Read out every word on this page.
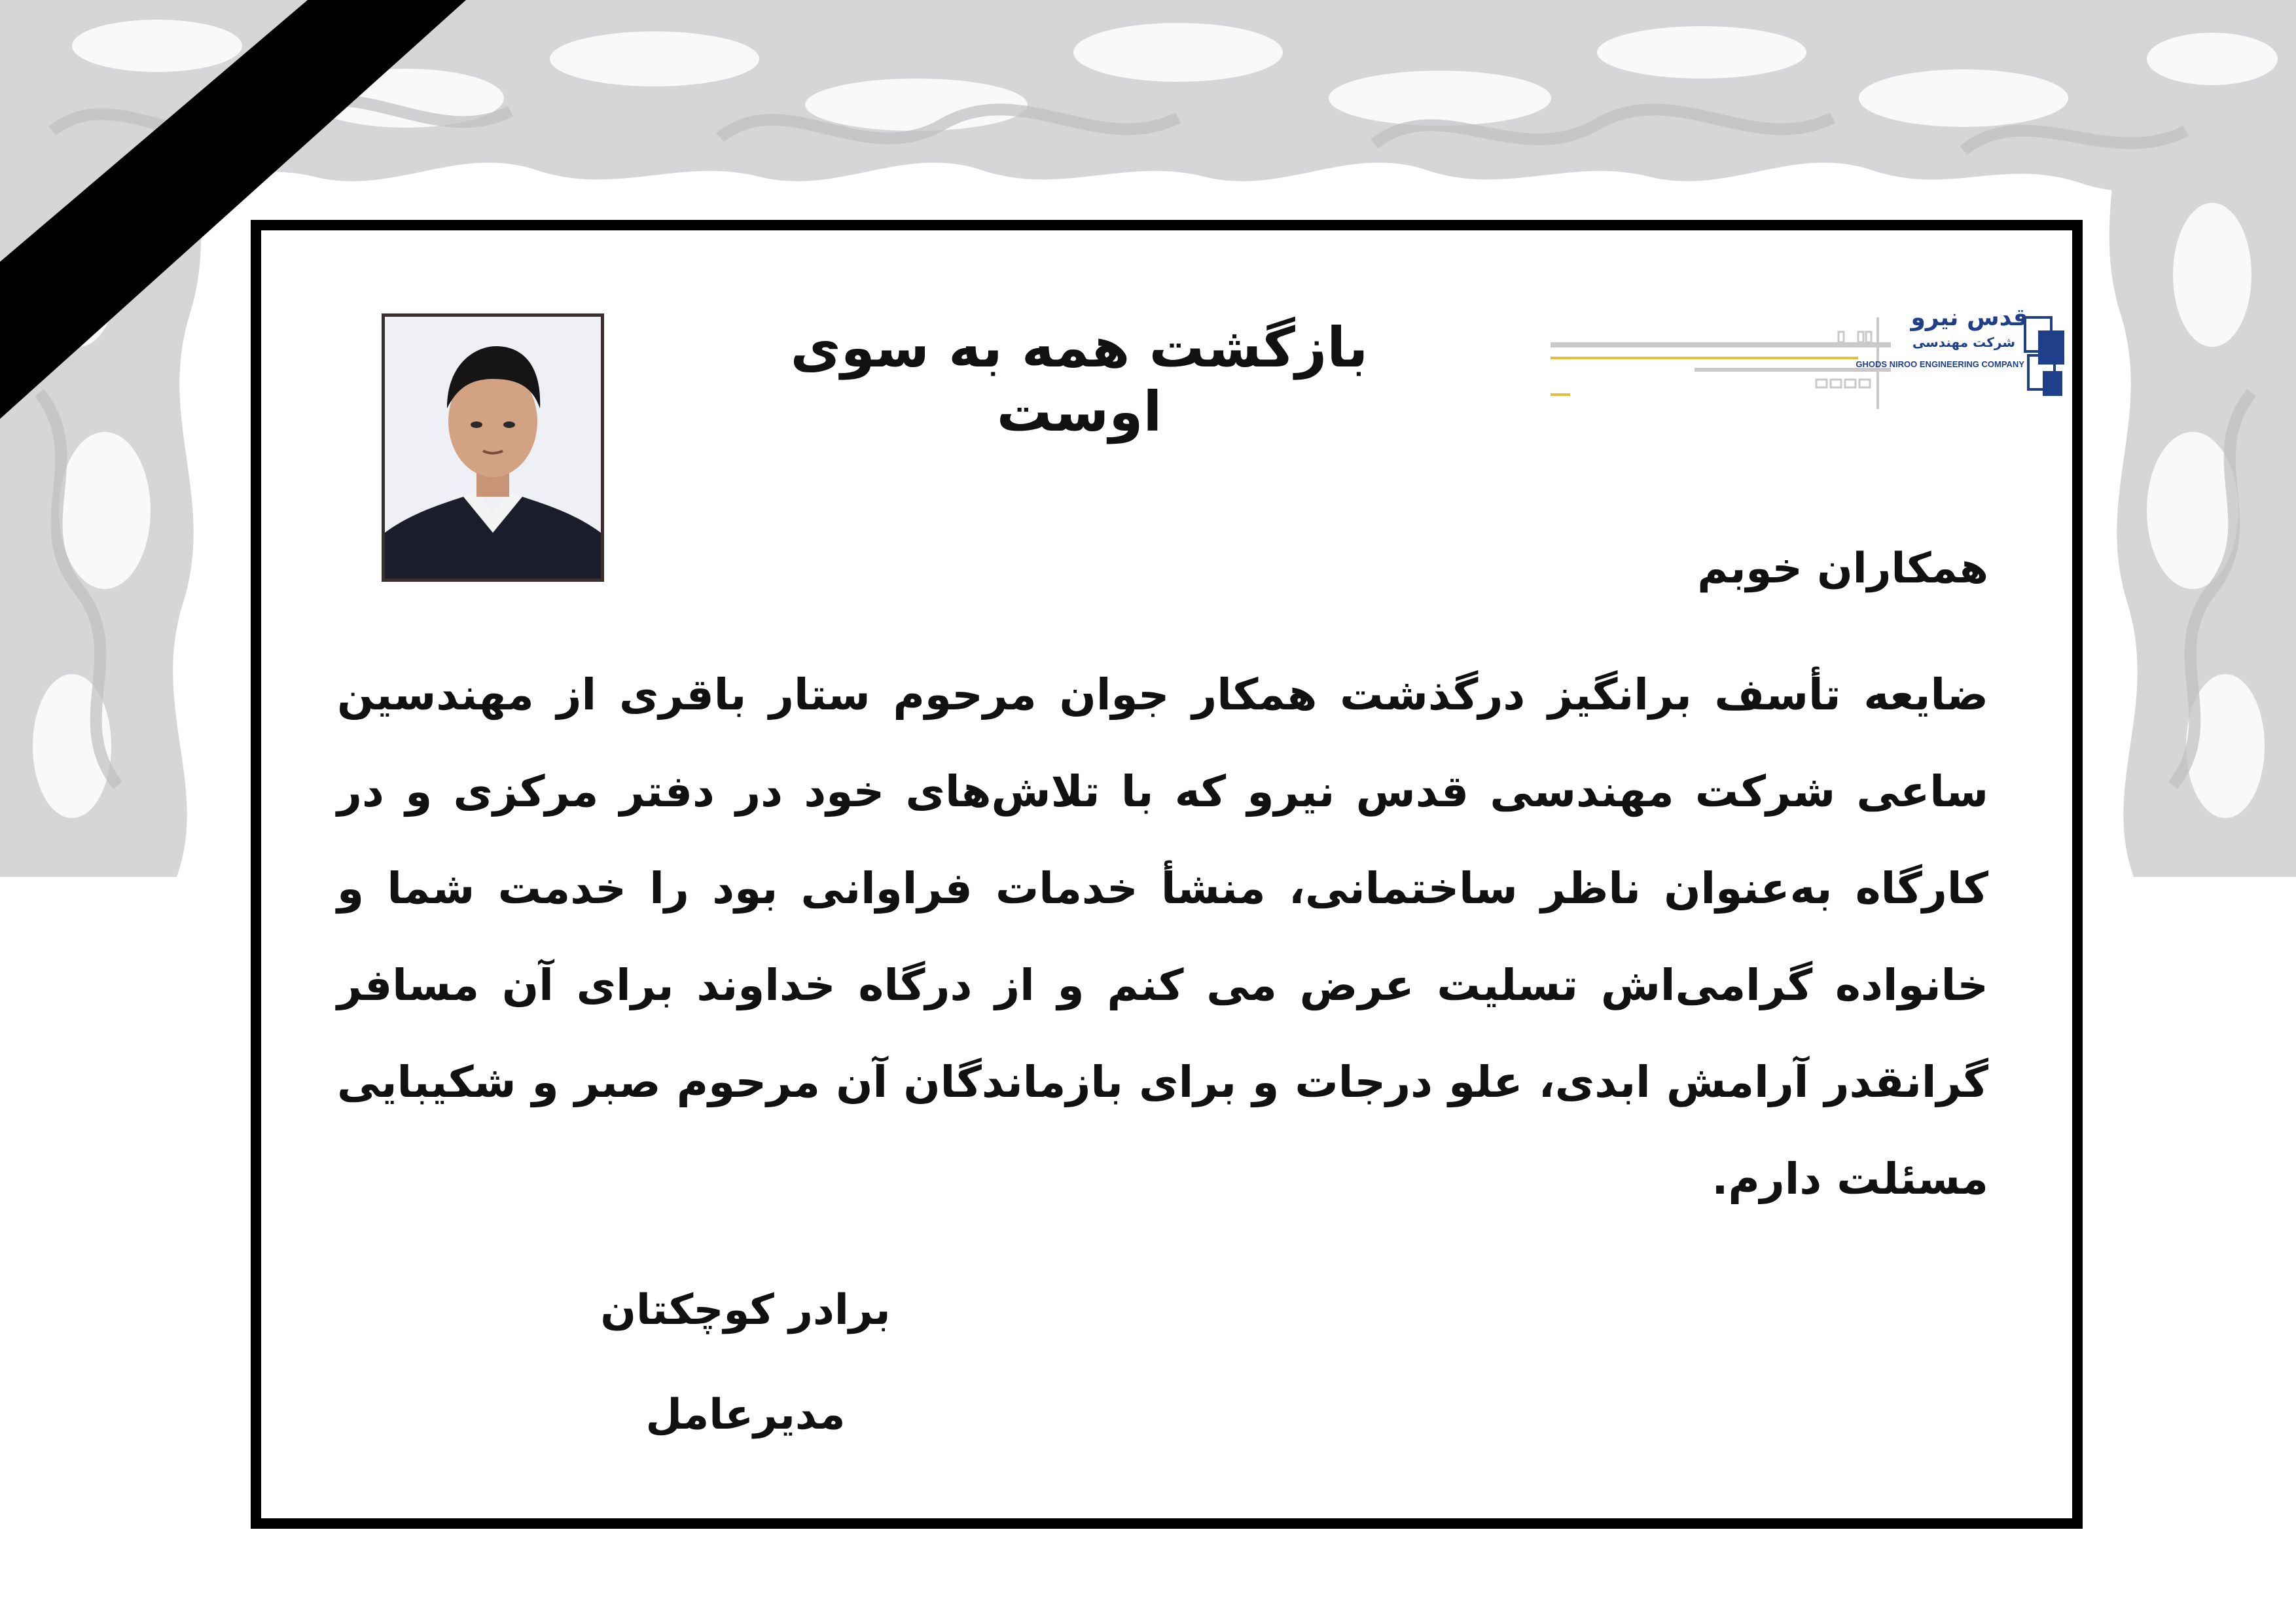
بازگشت همه به سوی اوست
قدس نیرو
شرکت مهندسی
GHODS NIROO ENGINEERING COMPANY
همکاران خوبم

ضایعه تأسف برانگیز درگذشت همکار جوان مرحوم ستار باقری از مهندسین ساعی شرکت مهندسی قدس نیرو که با تلاش‌های خود در دفتر مرکزی و در کارگاه به‌عنوان ناظر ساختمانی، منشأ خدمات فراوانی بود را خدمت شما و خانواده گرامی‌اش تسلیت عرض می کنم و از درگاه خداوند برای آن مسافر گرانقدر آرامش ابدی، علو درجات و برای بازماندگان آن مرحوم صبر و شکیبایی مسئلت دارم.

برادر کوچکتان
مدیرعامل
